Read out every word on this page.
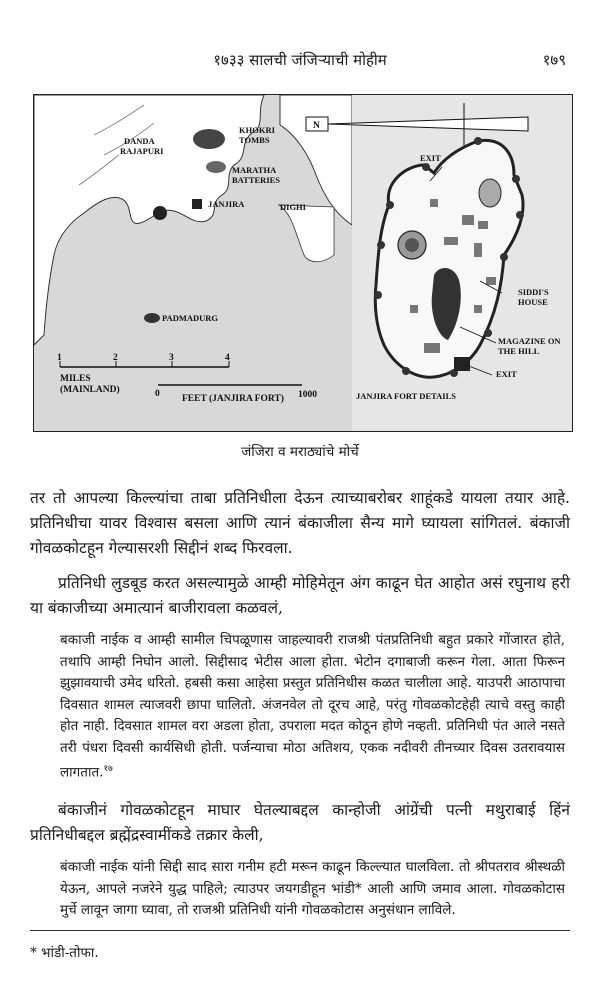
१७३३ सालची जंजिऱ्याची मोहीम	१७९
DANDA
RAJAPURI
KHOKRI
TOMBS
MARATHA
BATTERIES
JANJIRA	DIGHI
PADMADURG
1	2	3	4
MILES
(MAINLAND)	0 FEET (JANJIRA FORT) 1000
N
EXIT
SIDDI'S
HOUSE
MAGAZINE ON
THE HILL
EXIT
JANJIRA FORT DETAILS
जंजिरा व मराठ्यांचे मोर्चे
तर तो आपल्या किल्ल्यांचा ताबा प्रतिनिधीला देऊन त्याच्याबरोबर शाहूंकडे यायला तयार आहे. प्रतिनिधीचा यावर विश्वास बसला आणि त्यानं बंकाजीला सैन्य मागे घ्यायला सांगितलं. बंकाजी गोवळकोटहून गेल्यासरशी सिद्दीनं शब्द फिरवला.
प्रतिनिधी लुडबूड करत असल्यामुळे आम्ही मोहिमेतून अंग काढून घेत आहोत असं रघुनाथ हरी या बंकाजीच्या अमात्यानं बाजीरावला कळवलं,
बकाजी नाईक व आम्ही सामील चिपळूणास जाहल्यावरी राजश्री पंतप्रतिनिधी बहुत प्रकारे गोंजारत होते, तथापि आम्ही निघोन आलो. सिद्दीसाद भेटीस आला होता. भेटोन दगाबाजी करून गेला. आता फिरून झुझावयाची उमेद धरितो. हबसी कसा आहेसा प्रस्तुत प्रतिनिधीस कळत चालीला आहे. याउपरी आठापाचा दिवसात शामल त्याजवरी छापा घालितो. अंजनवेल तो दूरच आहे, परंतु गोवळकोटहेही त्याचे वस्तु काही होत नाही. दिवसात शामल वरा अडला होता, उपराला मदत कोठून होणे नव्हती. प्रतिनिधी पंत आले नसते तरी पंधरा दिवसी कार्यसिधी होती. पर्जन्याचा मोठा अतिशय, एकक नदीवरी तीनच्यार दिवस उतरावयास लागतात.$^{१७}$
बंकाजीनं गोवळकोटहून माघार घेतल्याबद्दल कान्होजी आंग्रेंची पत्नी मथुराबाई हिंनं प्रतिनिधीबद्दल ब्रह्मेंद्रस्वामींकडे तक्रार केली,
बंकाजी नाईक यांनी सिद्दी साद सारा गनीम हटी मरून काढून किल्ल्यात घालविला. तो श्रीपतराव श्रीस्थळी येऊन, आपले नजरेने युद्ध पाहिले; त्याउपर जयगडीहून भांडी* आली आणि जमाव आला. गोवळकोटास मुर्चे लावून जागा घ्यावा, तो राजश्री प्रतिनिधी यांनी गोवळकोटास अनुसंधान लाविले.
* भांडी-तोफा.
